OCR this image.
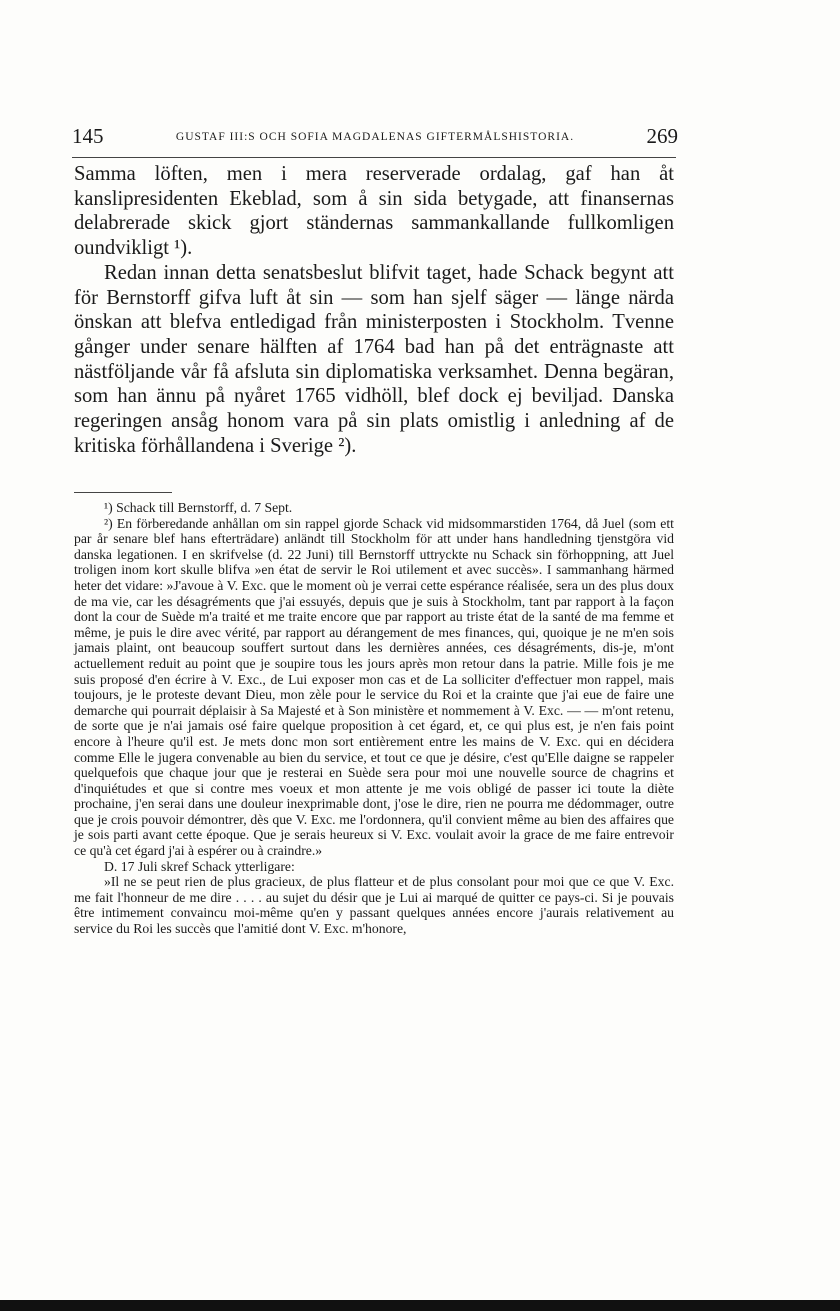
145	GUSTAF III:S OCH SOFIA MAGDALENAS GIFTERMÅLSHISTORIA.	269

Samma löften, men i mera reserverade ordalag, gaf han åt kanslipresidenten Ekeblad, som å sin sida betygade, att finansernas delabrerade skick gjort ständernas sammankallande fullkomligen oundvikligt ¹).

Redan innan detta senatsbeslut blifvit taget, hade Schack begynt att för Bernstorff gifva luft åt sin — som han sjelf säger — länge närda önskan att blefva entledigad från ministerposten i Stockholm. Tvenne gånger under senare hälften af 1764 bad han på det enträgnaste att nästföljande vår få afsluta sin diplomatiska verksamhet. Denna begäran, som han ännu på nyåret 1765 vidhöll, blef dock ej beviljad. Danska regeringen ansåg honom vara på sin plats omistlig i anledning af de kritiska förhållandena i Sverige ²).

¹) Schack till Bernstorff, d. 7 Sept.

²) En förberedande anhållan om sin rappel gjorde Schack vid midsommarstiden 1764, då Juel (som ett par år senare blef hans efterträdare) anländt till Stockholm för att under hans handledning tjenstgöra vid danska legationen. I en skrifvelse (d. 22 Juni) till Bernstorff uttryckte nu Schack sin förhoppning, att Juel troligen inom kort skulle blifva »en état de servir le Roi utilement et avec succès». I sammanhang härmed heter det vidare: »J'avoue à V. Exc. que le moment où je verrai cette espérance réalisée, sera un des plus doux de ma vie, car les désagréments que j'ai essuyés, depuis que je suis à Stockholm, tant par rapport à la façon dont la cour de Suède m'a traité et me traite encore que par rapport au triste état de la santé de ma femme et même, je puis le dire avec vérité, par rapport au dérangement de mes finances, qui, quoique je ne m'en sois jamais plaint, ont beaucoup souffert surtout dans les dernières années, ces désagréments, dis-je, m'ont actuellement reduit au point que je soupire tous les jours après mon retour dans la patrie. Mille fois je me suis proposé d'en écrire à V. Exc., de Lui exposer mon cas et de La solliciter d'effectuer mon rappel, mais toujours, je le proteste devant Dieu, mon zèle pour le service du Roi et la crainte que j'ai eue de faire une demarche qui pourrait déplaisir à Sa Majesté et à Son ministère et nommement à V. Exc. — — m'ont retenu, de sorte que je n'ai jamais osé faire quelque proposition à cet égard, et, ce qui plus est, je n'en fais point encore à l'heure qu'il est. Je mets donc mon sort entièrement entre les mains de V. Exc. qui en décidera comme Elle le jugera convenable au bien du service, et tout ce que je désire, c'est qu'Elle daigne se rappeler quelquefois que chaque jour que je resterai en Suède sera pour moi une nouvelle source de chagrins et d'inquiétudes et que si contre mes voeux et mon attente je me vois obligé de passer ici toute la diète prochaine, j'en serai dans une douleur inexprimable dont, j'ose le dire, rien ne pourra me dédommager, outre que je crois pouvoir démontrer, dès que V. Exc. me l'ordonnera, qu'il convient même au bien des affaires que je sois parti avant cette époque. Que je serais heureux si V. Exc. voulait avoir la grace de me faire entrevoir ce qu'à cet égard j'ai à espérer ou à craindre.»

D. 17 Juli skref Schack ytterligare:

»Il ne se peut rien de plus gracieux, de plus flatteur et de plus consolant pour moi que ce que V. Exc. me fait l'honneur de me dire . . . . au sujet du désir que je Lui ai marqué de quitter ce pays-ci. Si je pouvais être intimement convaincu moi-même qu'en y passant quelques années encore j'aurais relativement au service du Roi les succès que l'amitié dont V. Exc. m'honore,
